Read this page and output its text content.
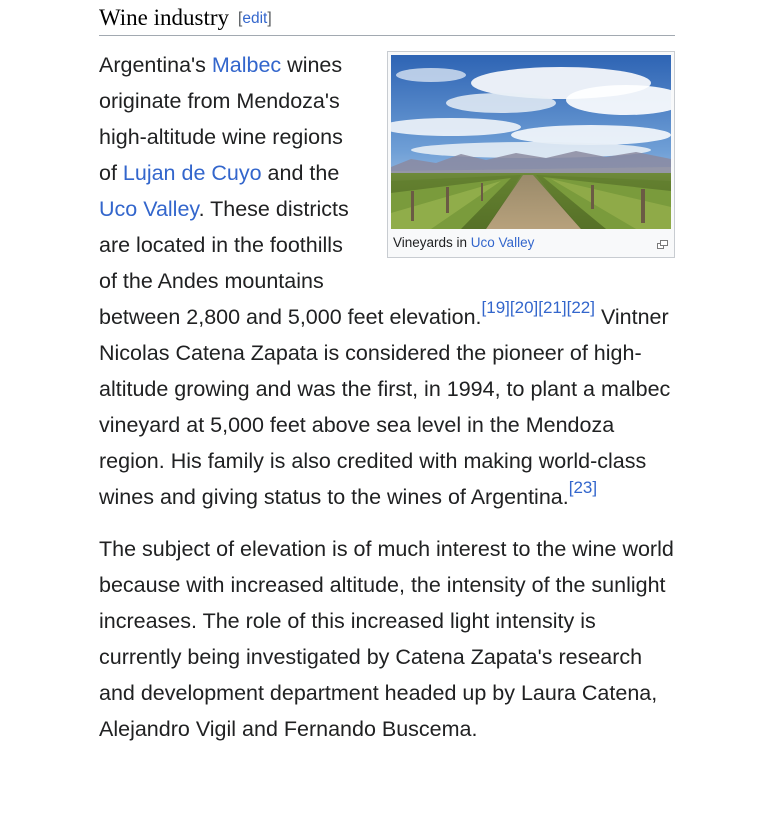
Wine industry [edit]
Vineyards in Uco Valley

Argentina's Malbec wines originate from Mendoza's high-altitude wine regions of Lujan de Cuyo and the Uco Valley. These districts are located in the foothills of the Andes mountains between 2,800 and 5,000 feet elevation.[19][20][21][22] Vintner Nicolas Catena Zapata is considered the pioneer of high-altitude growing and was the first, in 1994, to plant a malbec vineyard at 5,000 feet above sea level in the Mendoza region. His family is also credited with making world-class wines and giving status to the wines of Argentina.[23]

The subject of elevation is of much interest to the wine world because with increased altitude, the intensity of the sunlight increases. The role of this increased light intensity is currently being investigated by Catena Zapata's research and development department headed up by Laura Catena, Alejandro Vigil and Fernando Buscema.
